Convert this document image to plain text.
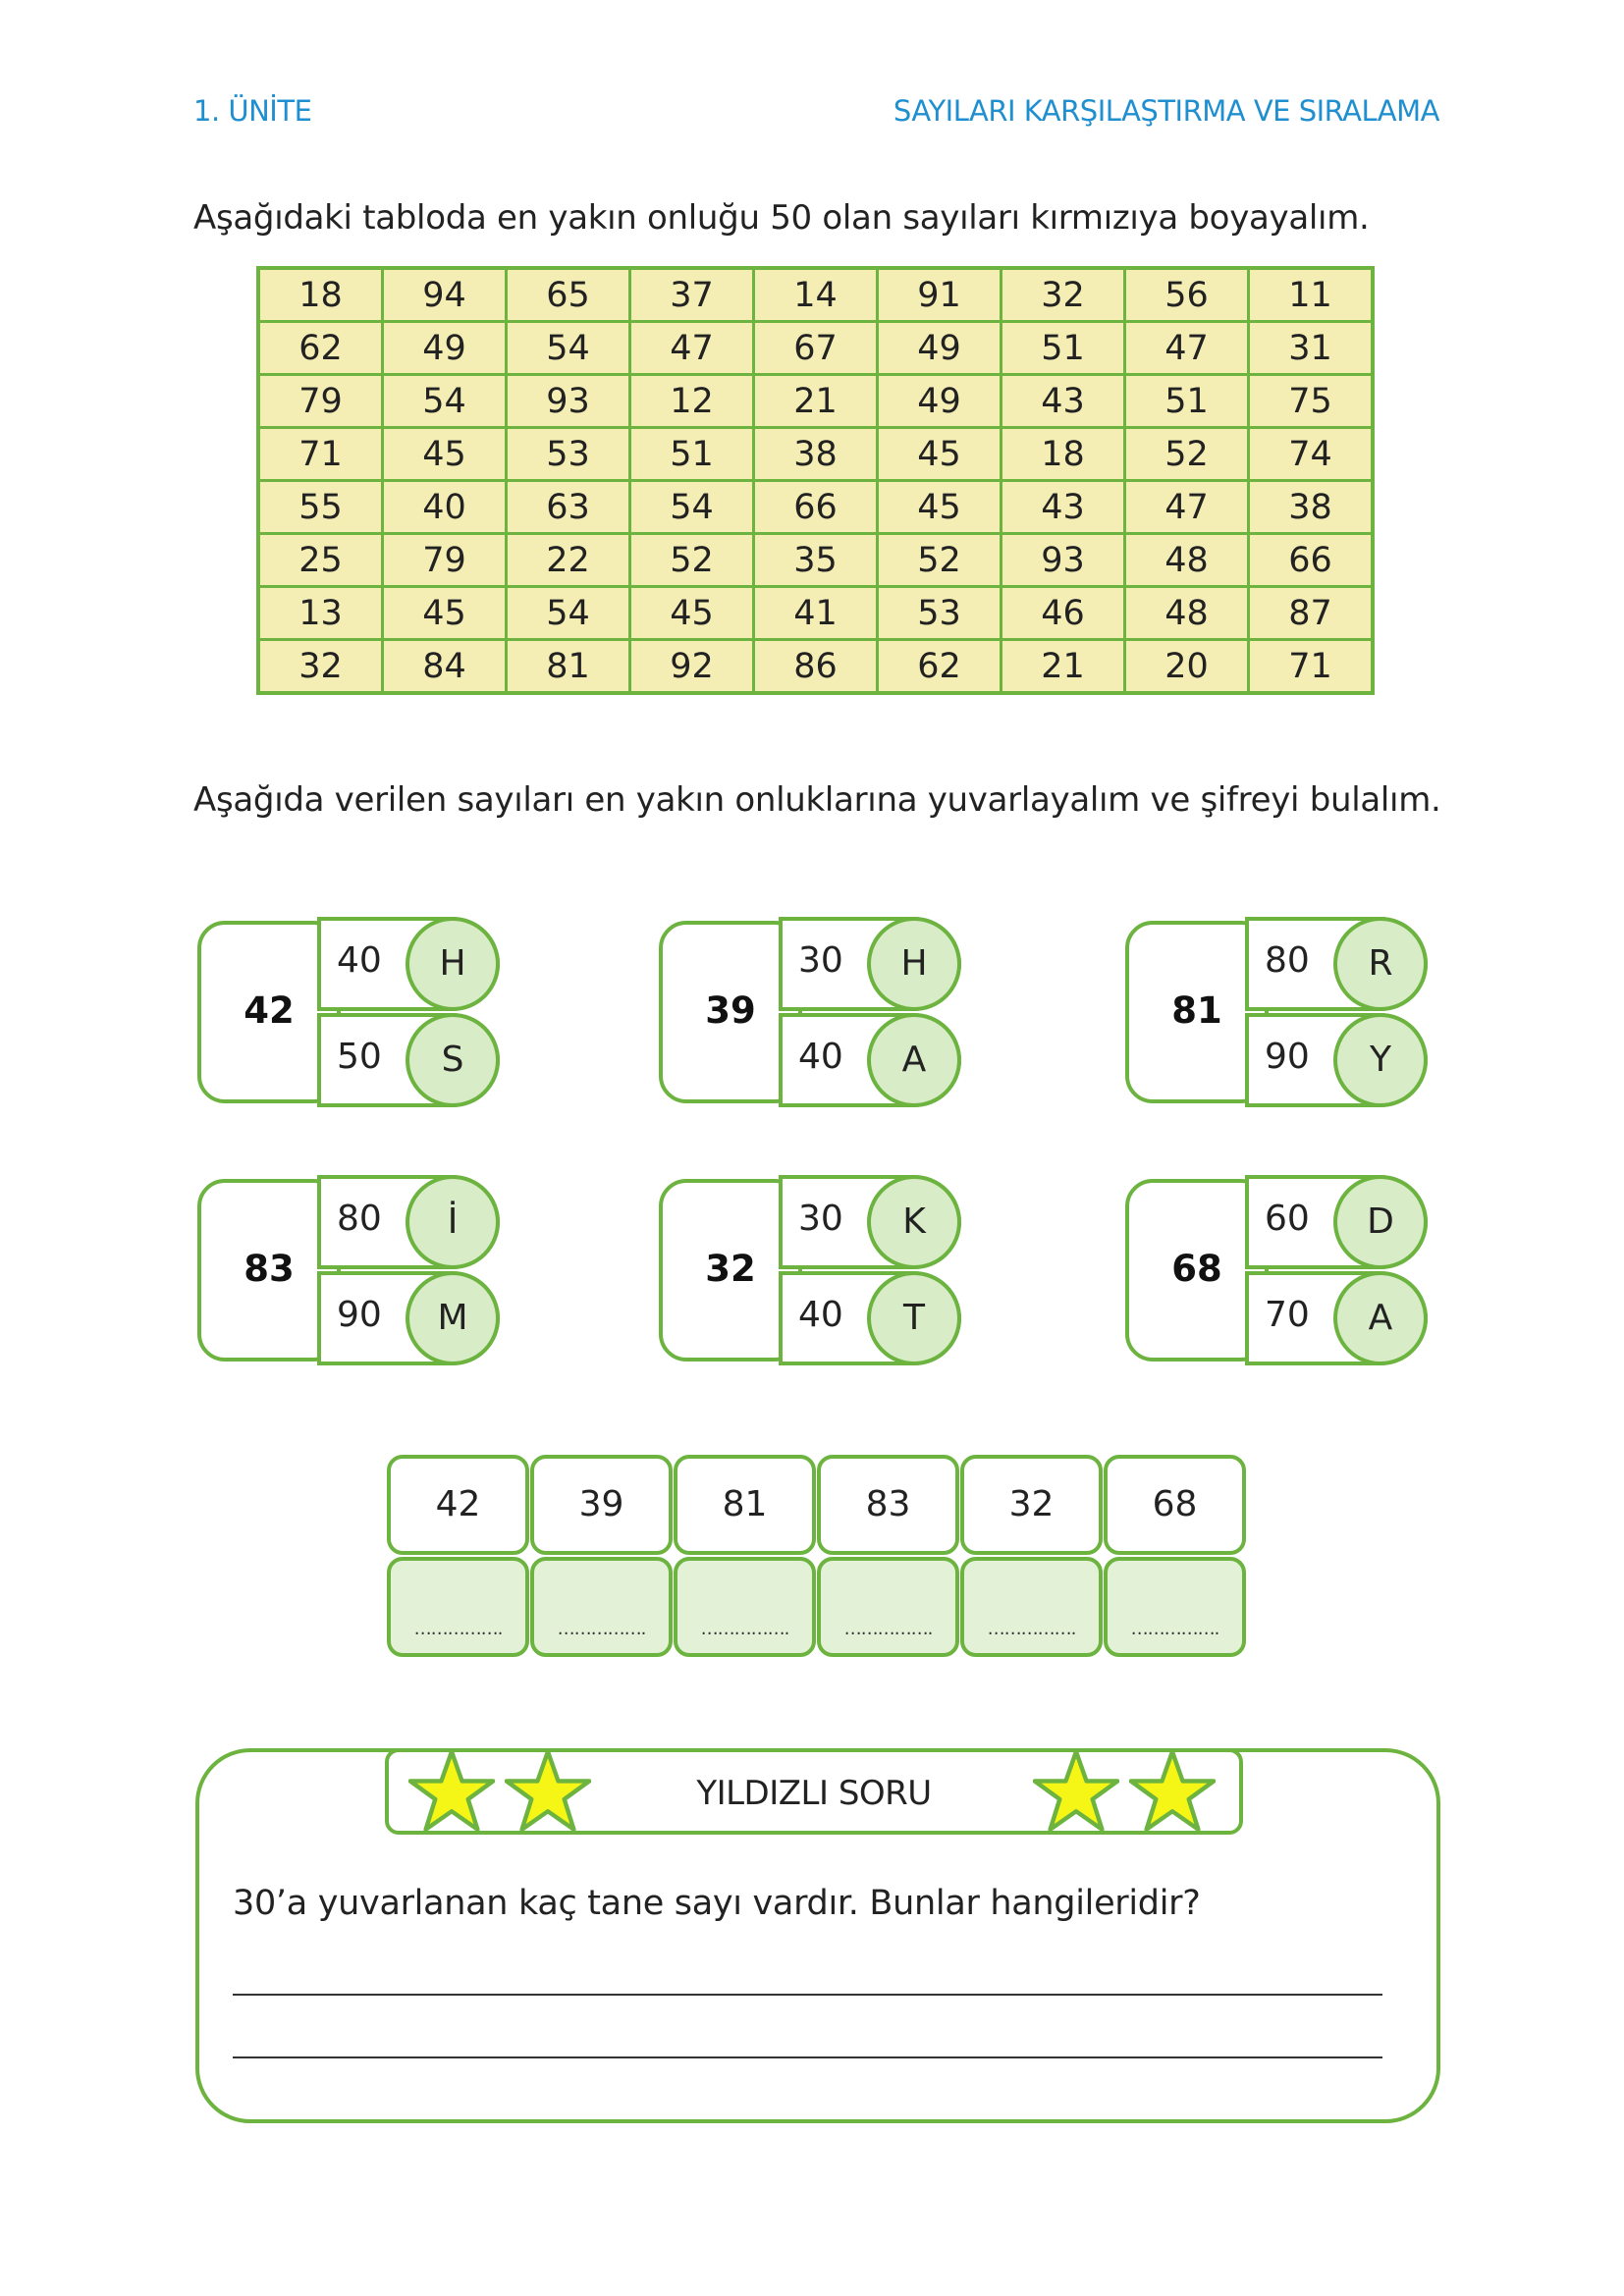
1. ÜNİTE	SAYILARI KARŞILAŞTIRMA VE SIRALAMA
Aşağıdaki tabloda en yakın onluğu 50 olan sayıları kırmızıya boyayalım.
18	94	65	37	14	91	32	56	11
62	49	54	47	67	49	51	47	31
79	54	93	12	21	49	43	51	75
71	45	53	51	38	45	18	52	74
55	40	63	54	66	45	43	47	38
25	79	22	52	35	52	93	48	66
13	45	54	45	41	53	46	48	87
32	84	81	92	86	62	21	20	71
Aşağıda verilen sayıları en yakın onluklarına yuvarlayalım ve şifreyi bulalım.
42
40	H
50	S
39
30	H
40	A
81
80	R
90	Y
83
80	İ
90	M
32
30	K
40	T
68
60	D
70	A
42
…………….
39
…………….
81
…………….
83
…………….
32
…………….
68
…………….
YILDIZLI SORU
30’a yuvarlanan kaç tane sayı vardır. Bunlar hangileridir?
